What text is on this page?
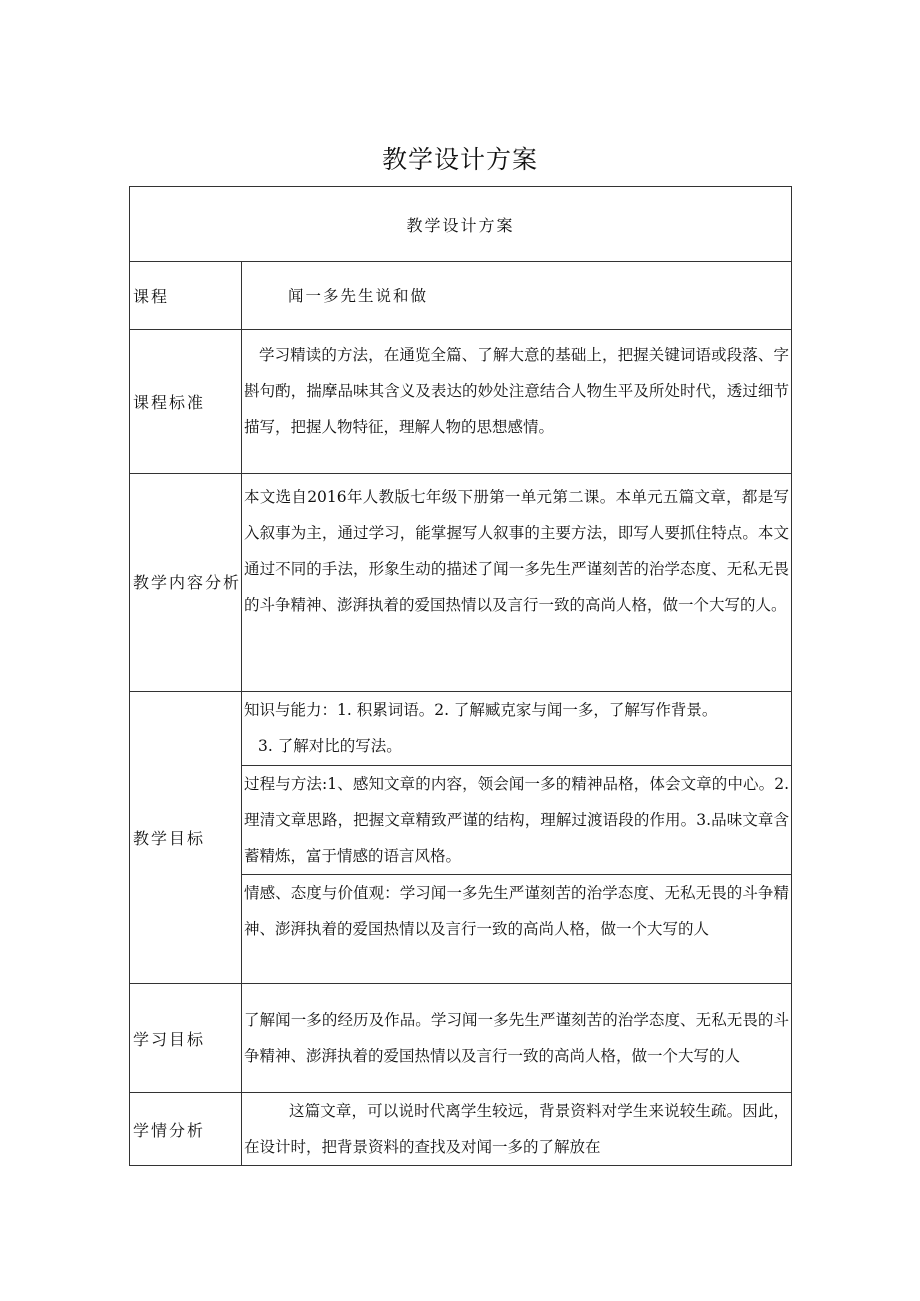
教学设计方案
教学设计方案	
课程	闻一多先生说和做
课程标准	学习精读的方法，在通览全篇、了解大意的基础上，把握关键词语或段落、字斟句酌，揣摩品味其含义及表达的妙处注意结合人物生平及所处时代，透过细节描写，把握人物特征，理解人物的思想感情。
教学内容分析	本文选自2016年人教版七年级下册第一单元第二课。本单元五篇文章，都是写入叙事为主，通过学习，能掌握写人叙事的主要方法，即写人要抓住特点。本文通过不同的手法，形象生动的描述了闻一多先生严谨刻苦的治学态度、无私无畏的斗争精神、澎湃执着的爱国热情以及言行一致的高尚人格，做一个大写的人。
教学目标	知识与能力：1. 积累词语。2. 了解臧克家与闻一多，了解写作背景。
3. 了解对比的写法。
过程与方法:1、感知文章的内容，领会闻一多的精神品格，体会文章的中心。2. 理清文章思路，把握文章精致严谨的结构，理解过渡语段的作用。3.品味文章含蓄精炼，富于情感的语言风格。
情感、态度与价值观：学习闻一多先生严谨刻苦的治学态度、无私无畏的斗争精神、澎湃执着的爱国热情以及言行一致的高尚人格，做一个大写的人

学习目标	了解闻一多的经历及作品。学习闻一多先生严谨刻苦的治学态度、无私无畏的斗争精神、澎湃执着的爱国热情以及言行一致的高尚人格，做一个大写的人
学情分析	这篇文章，可以说时代离学生较远，背景资料对学生来说较生疏。因此，在设计时，把背景资料的查找及对闻一多的了解放在
